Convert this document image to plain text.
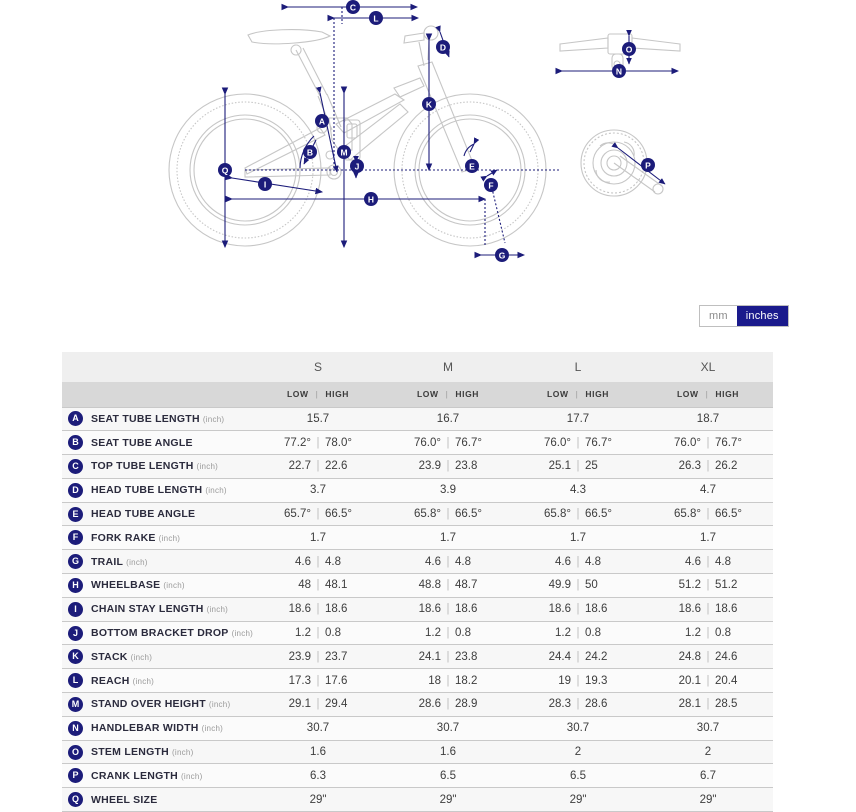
C
L
D
K
A
B	M
J
Q
I
H
E
F
G
N
O
P
mm	inches
	S	M	L	XL

	LOW | HIGH	LOW | HIGH	LOW | HIGH	LOW | HIGH

A SEAT TUBE LENGTH (inch)	15.7	16.7	17.7	18.7

B SEAT TUBE ANGLE	77.2° | 78.0°	76.0° | 76.7°	76.0° | 76.7°	76.0° | 76.7°

C TOP TUBE LENGTH (inch)	22.7 | 22.6	23.9 | 23.8	25.1 | 25	26.3 | 26.2

D HEAD TUBE LENGTH (inch)	3.7	3.9	4.3	4.7

E HEAD TUBE ANGLE	65.7° | 66.5°	65.8° | 66.5°	65.8° | 66.5°	65.8° | 66.5°

F FORK RAKE (inch)	1.7	1.7	1.7	1.7

G TRAIL (inch)	4.6 | 4.8	4.6 | 4.8	4.6 | 4.8	4.6 | 4.8

H WHEELBASE (inch)	48 | 48.1	48.8 | 48.7	49.9 | 50	51.2 | 51.2

I CHAIN STAY LENGTH (inch)	18.6 | 18.6	18.6 | 18.6	18.6 | 18.6	18.6 | 18.6

J BOTTOM BRACKET DROP (inch)	1.2 | 0.8	1.2 | 0.8	1.2 | 0.8	1.2 | 0.8

K STACK (inch)	23.9 | 23.7	24.1 | 23.8	24.4 | 24.2	24.8 | 24.6

L REACH (inch)	17.3 | 17.6	18 | 18.2	19 | 19.3	20.1 | 20.4

M STAND OVER HEIGHT (inch)	29.1 | 29.4	28.6 | 28.9	28.3 | 28.6	28.1 | 28.5

N HANDLEBAR WIDTH (inch)	30.7	30.7	30.7	30.7

O STEM LENGTH (inch)	1.6	1.6	2	2

P CRANK LENGTH (inch)	6.3	6.5	6.5	6.7

Q WHEEL SIZE	29"	29"	29"	29"
